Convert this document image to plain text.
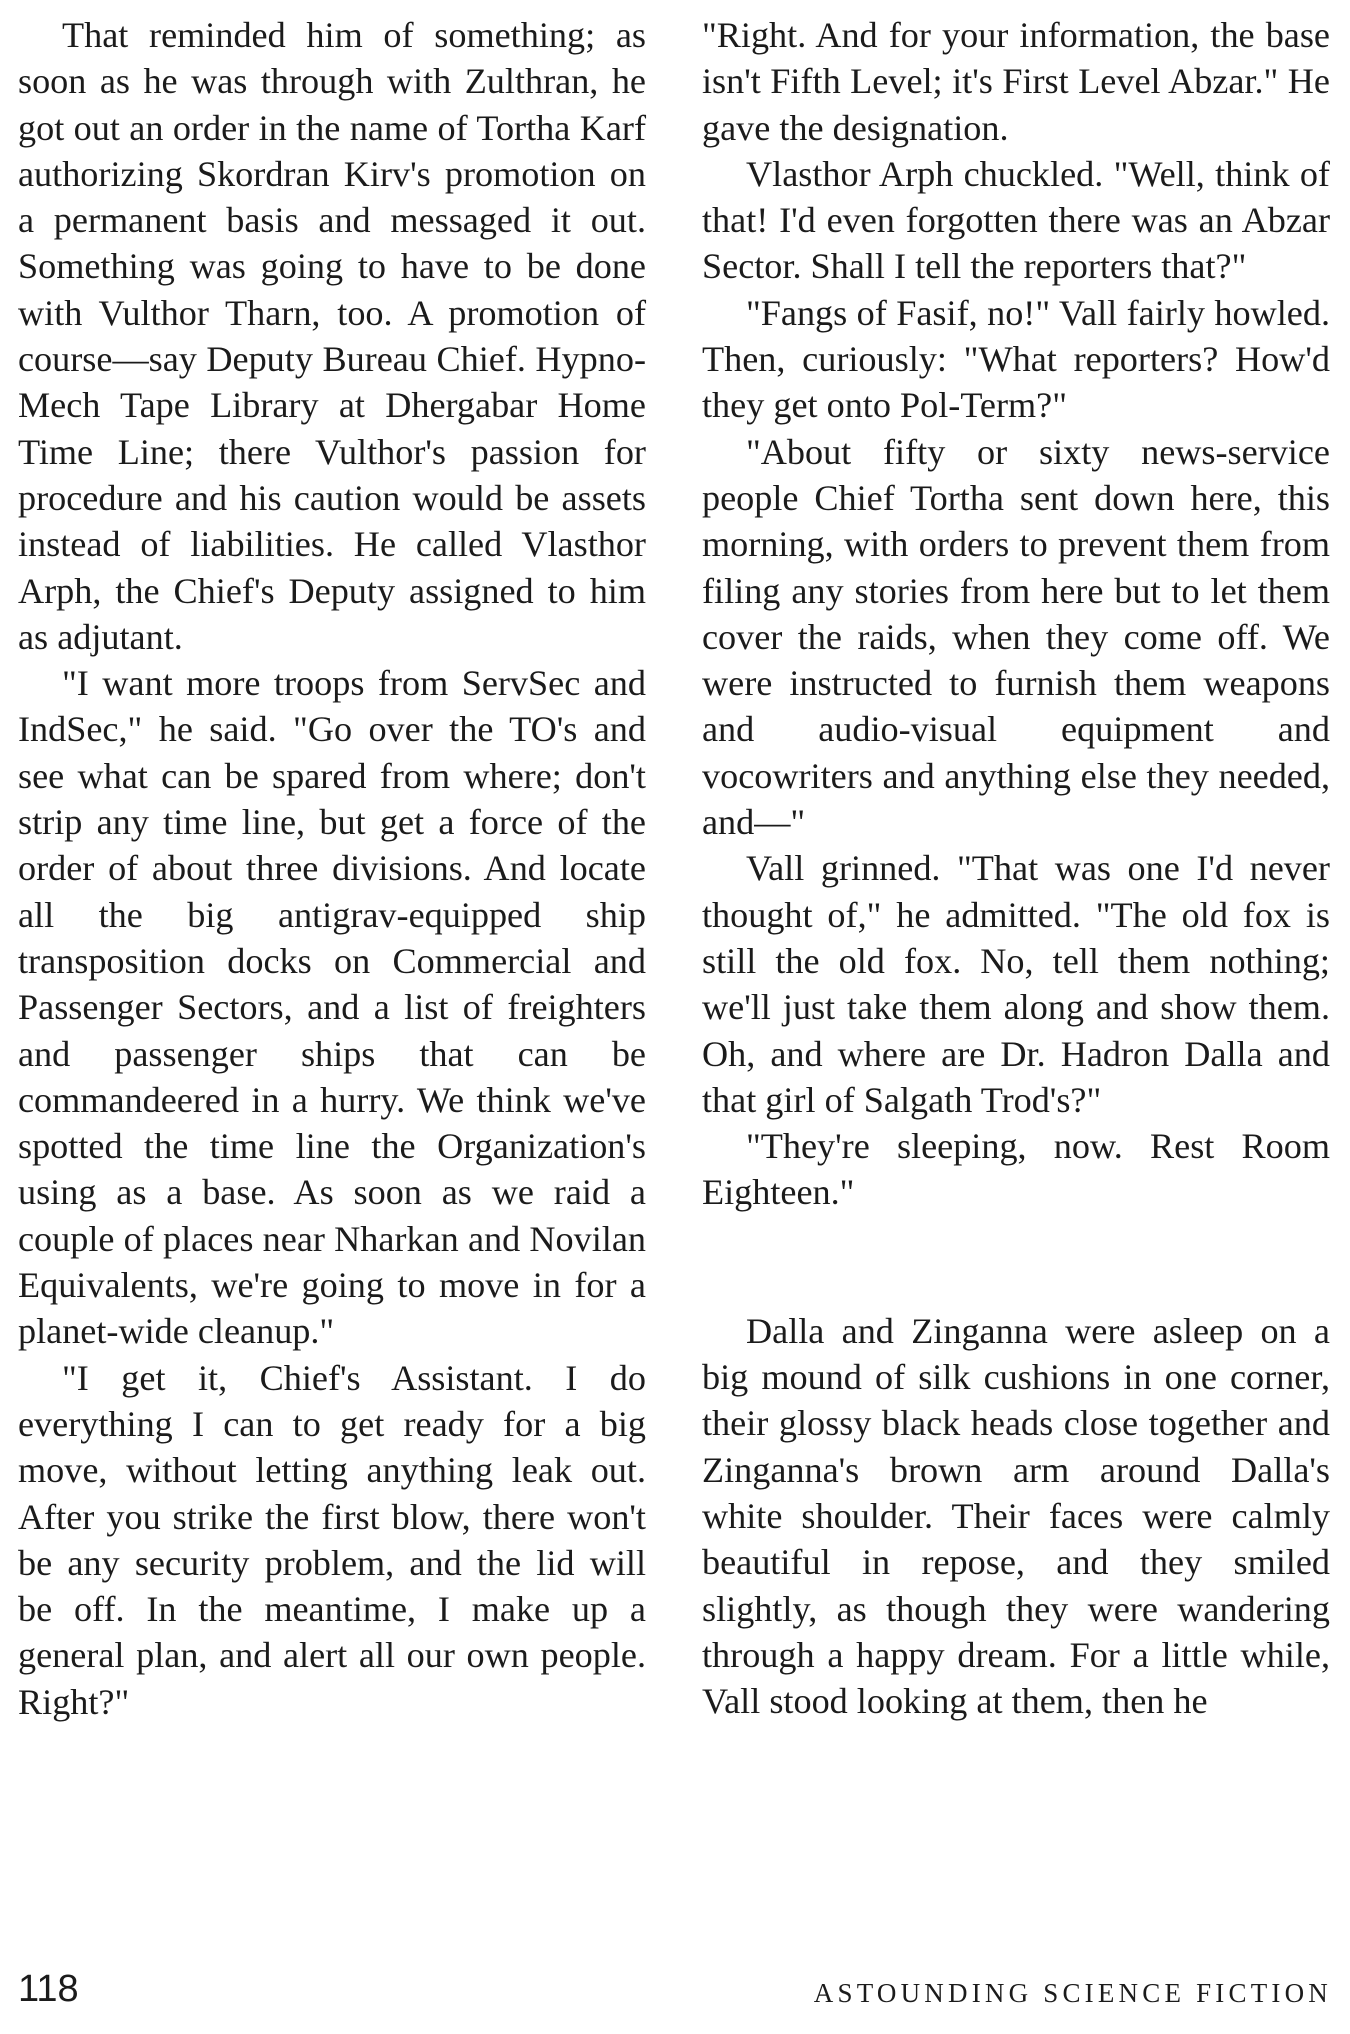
That reminded him of something; as soon as he was through with Zulthran, he got out an order in the name of Tortha Karf authorizing Skordran Kirv's promotion on a permanent basis and messaged it out. Something was going to have to be done with Vulthor Tharn, too. A promotion of course—say Deputy Bureau Chief. Hypno-Mech Tape Library at Dhergabar Home Time Line; there Vulthor's passion for procedure and his caution would be assets instead of liabilities. He called Vlasthor Arph, the Chief's Deputy assigned to him as adjutant.

"I want more troops from ServSec and IndSec," he said. "Go over the TO's and see what can be spared from where; don't strip any time line, but get a force of the order of about three divisions. And locate all the big antigrav-equipped ship transposition docks on Commercial and Passenger Sectors, and a list of freighters and passenger ships that can be commandeered in a hurry. We think we've spotted the time line the Organization's using as a base. As soon as we raid a couple of places near Nharkan and Novilan Equivalents, we're going to move in for a planet-wide cleanup."

"I get it, Chief's Assistant. I do everything I can to get ready for a big move, without letting anything leak out. After you strike the first blow, there won't be any security problem, and the lid will be off. In the meantime, I make up a general plan, and alert all our own people. Right?"

"Right. And for your information, the base isn't Fifth Level; it's First Level Abzar." He gave the designation.

Vlasthor Arph chuckled. "Well, think of that! I'd even forgotten there was an Abzar Sector. Shall I tell the reporters that?"

"Fangs of Fasif, no!" Vall fairly howled. Then, curiously: "What reporters? How'd they get onto Pol-Term?"

"About fifty or sixty news-service people Chief Tortha sent down here, this morning, with orders to prevent them from filing any stories from here but to let them cover the raids, when they come off. We were instructed to furnish them weapons and audio-visual equipment and vocowriters and anything else they needed, and—"

Vall grinned. "That was one I'd never thought of," he admitted. "The old fox is still the old fox. No, tell them nothing; we'll just take them along and show them. Oh, and where are Dr. Hadron Dalla and that girl of Salgath Trod's?"

"They're sleeping, now. Rest Room Eighteen."

Dalla and Zinganna were asleep on a big mound of silk cushions in one corner, their glossy black heads close together and Zinganna's brown arm around Dalla's white shoulder. Their faces were calmly beautiful in repose, and they smiled slightly, as though they were wandering through a happy dream. For a little while, Vall stood looking at them, then he

118	ASTOUNDING SCIENCE FICTION
